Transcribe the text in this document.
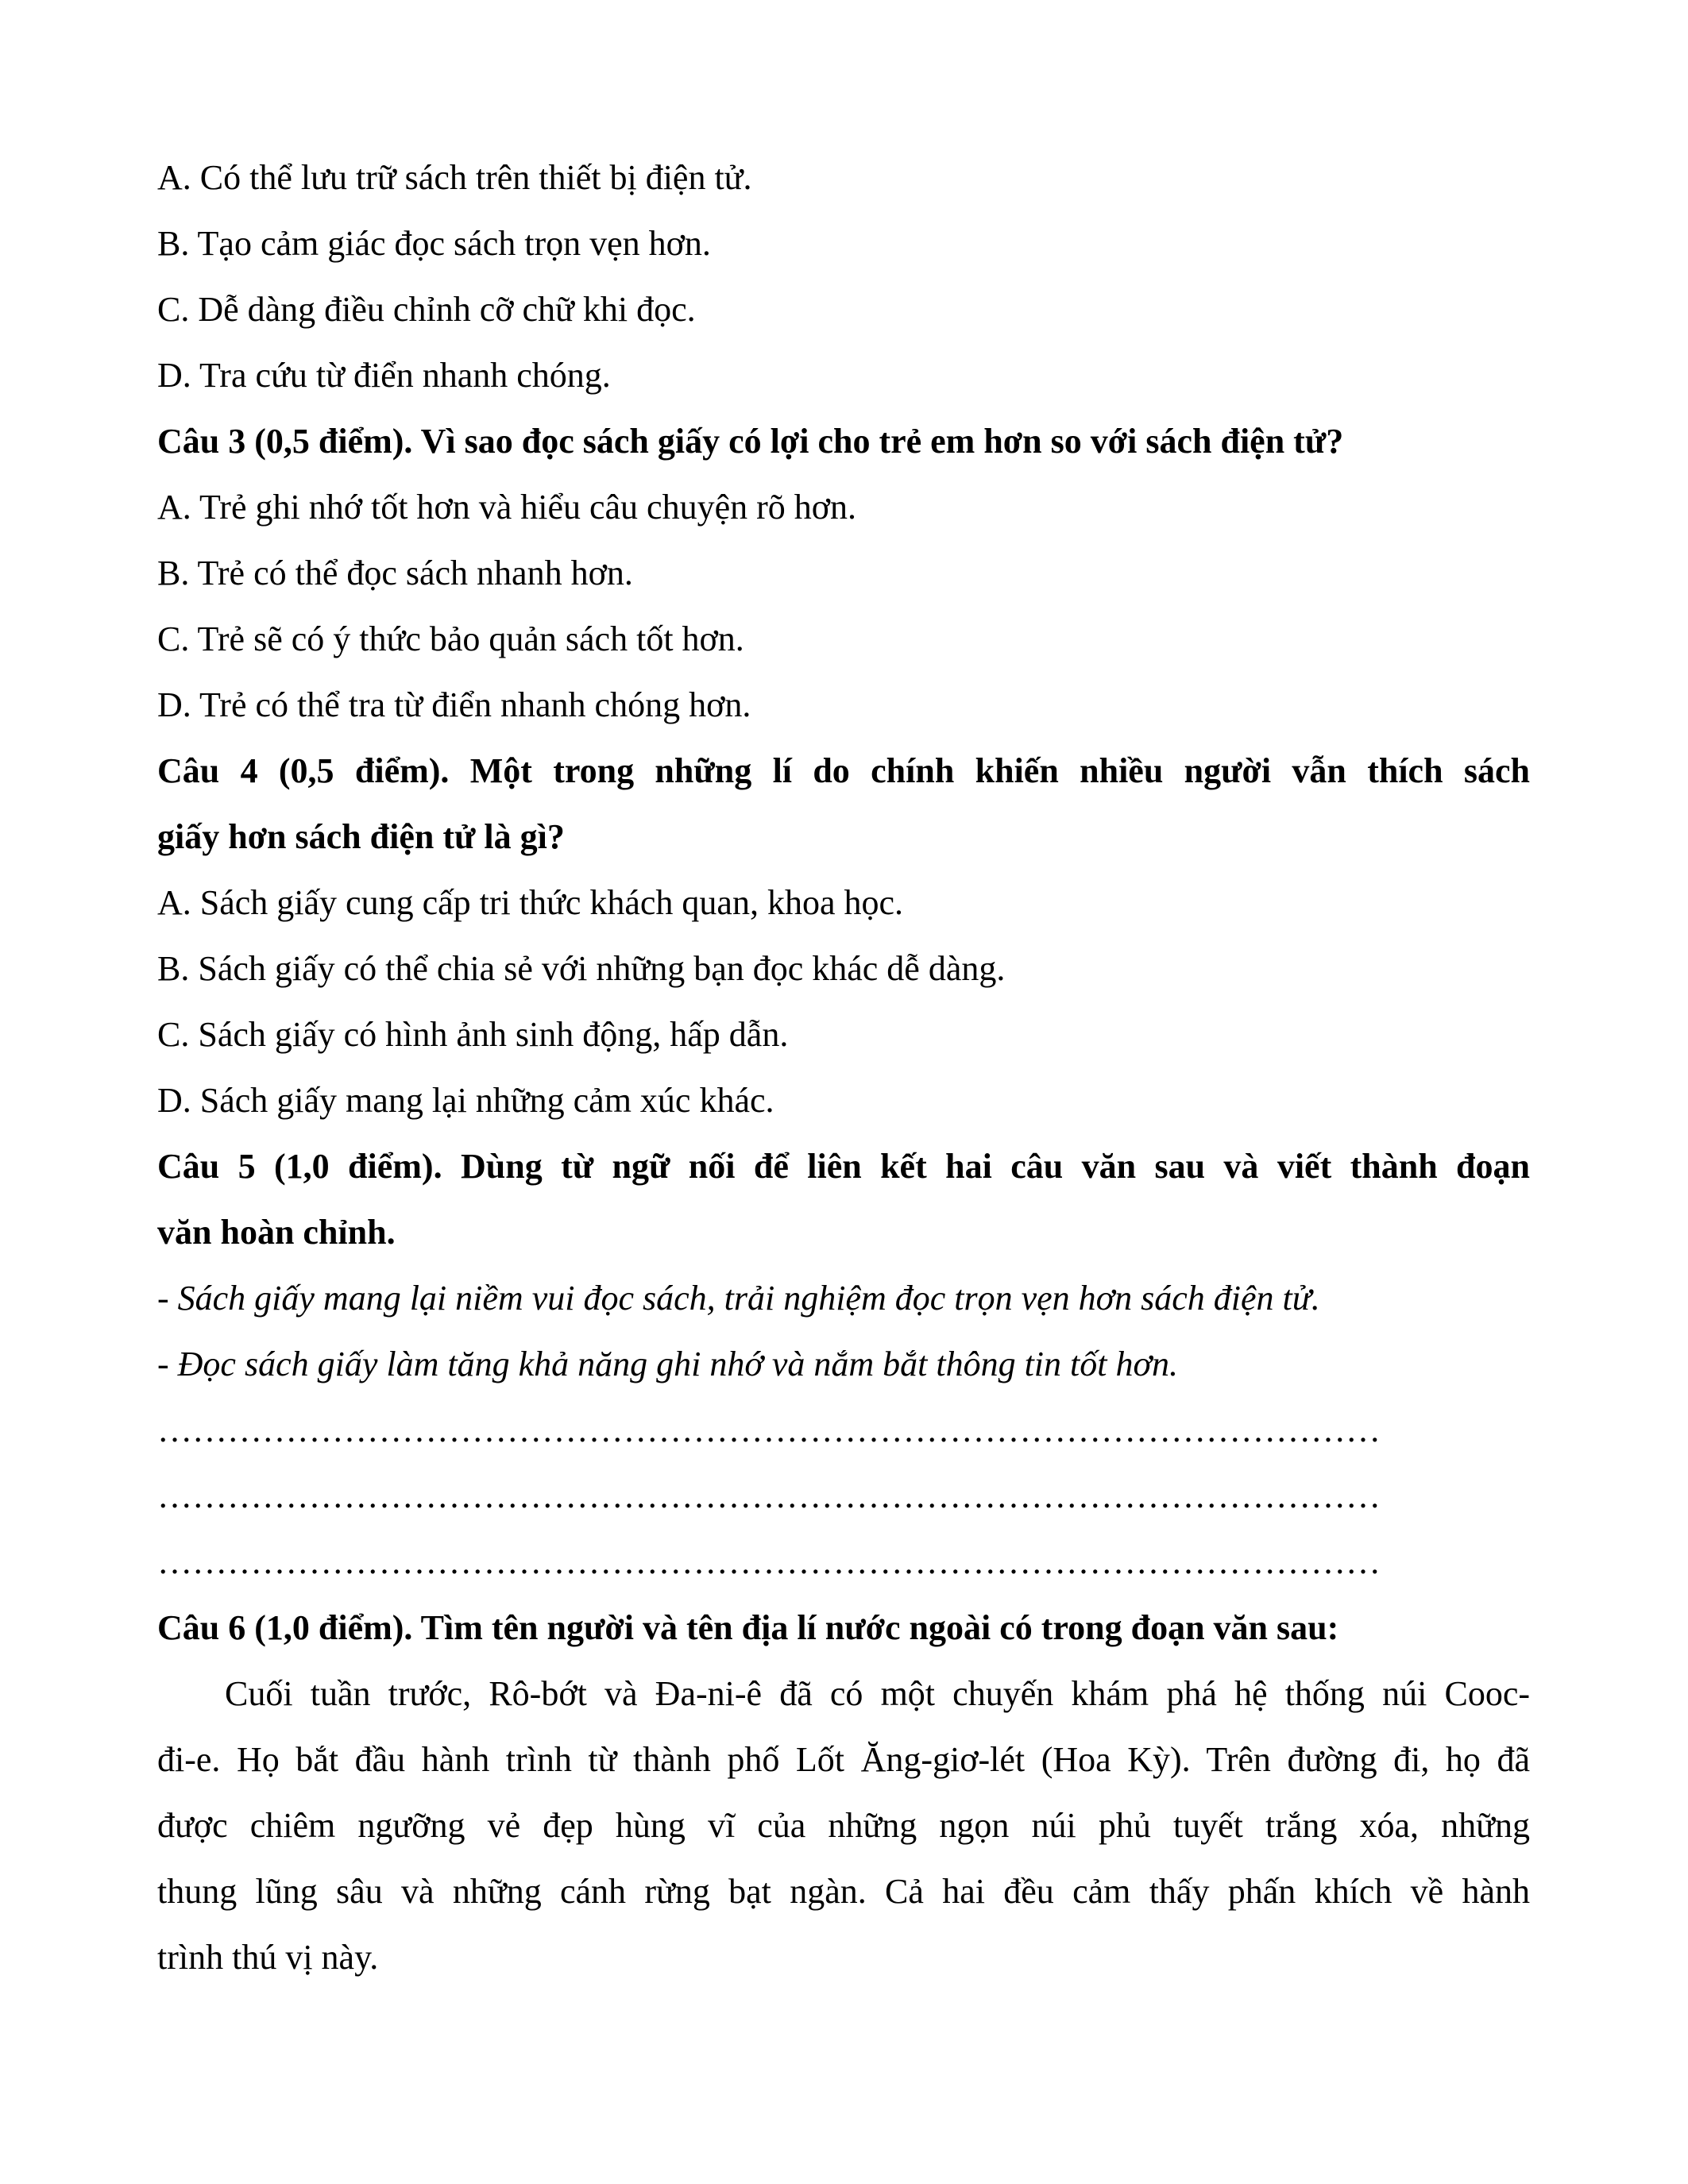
A. Có thể lưu trữ sách trên thiết bị điện tử.
B. Tạo cảm giác đọc sách trọn vẹn hơn.
C. Dễ dàng điều chỉnh cỡ chữ khi đọc.
D. Tra cứu từ điển nhanh chóng.
Câu 3 (0,5 điểm). Vì sao đọc sách giấy có lợi cho trẻ em hơn so với sách điện tử?
A. Trẻ ghi nhớ tốt hơn và hiểu câu chuyện rõ hơn.
B. Trẻ có thể đọc sách nhanh hơn.
C. Trẻ sẽ có ý thức bảo quản sách tốt hơn.
D. Trẻ có thể tra từ điển nhanh chóng hơn.
Câu 4 (0,5 điểm). Một trong những lí do chính khiến nhiều người vẫn thích sách
giấy hơn sách điện tử là gì?
A. Sách giấy cung cấp tri thức khách quan, khoa học.
B. Sách giấy có thể chia sẻ với những bạn đọc khác dễ dàng.
C. Sách giấy có hình ảnh sinh động, hấp dẫn.
D. Sách giấy mang lại những cảm xúc khác.
Câu 5 (1,0 điểm). Dùng từ ngữ nối để liên kết hai câu văn sau và viết thành đoạn
văn hoàn chỉnh.
- Sách giấy mang lại niềm vui đọc sách, trải nghiệm đọc trọn vẹn hơn sách điện tử.
- Đọc sách giấy làm tăng khả năng ghi nhớ và nắm bắt thông tin tốt hơn.
……………………………………………………………………………………………
……………………………………………………………………………………………
……………………………………………………………………………………………
Câu 6 (1,0 điểm). Tìm tên người và tên địa lí nước ngoài có trong đoạn văn sau:
Cuối tuần trước, Rô-bớt và Đa-ni-ê đã có một chuyến khám phá hệ thống núi Cooc-
đi-e. Họ bắt đầu hành trình từ thành phố Lốt Ăng-giơ-lét (Hoa Kỳ). Trên đường đi, họ đã
được chiêm ngưỡng vẻ đẹp hùng vĩ của những ngọn núi phủ tuyết trắng xóa, những
thung lũng sâu và những cánh rừng bạt ngàn. Cả hai đều cảm thấy phấn khích về hành
trình thú vị này.
